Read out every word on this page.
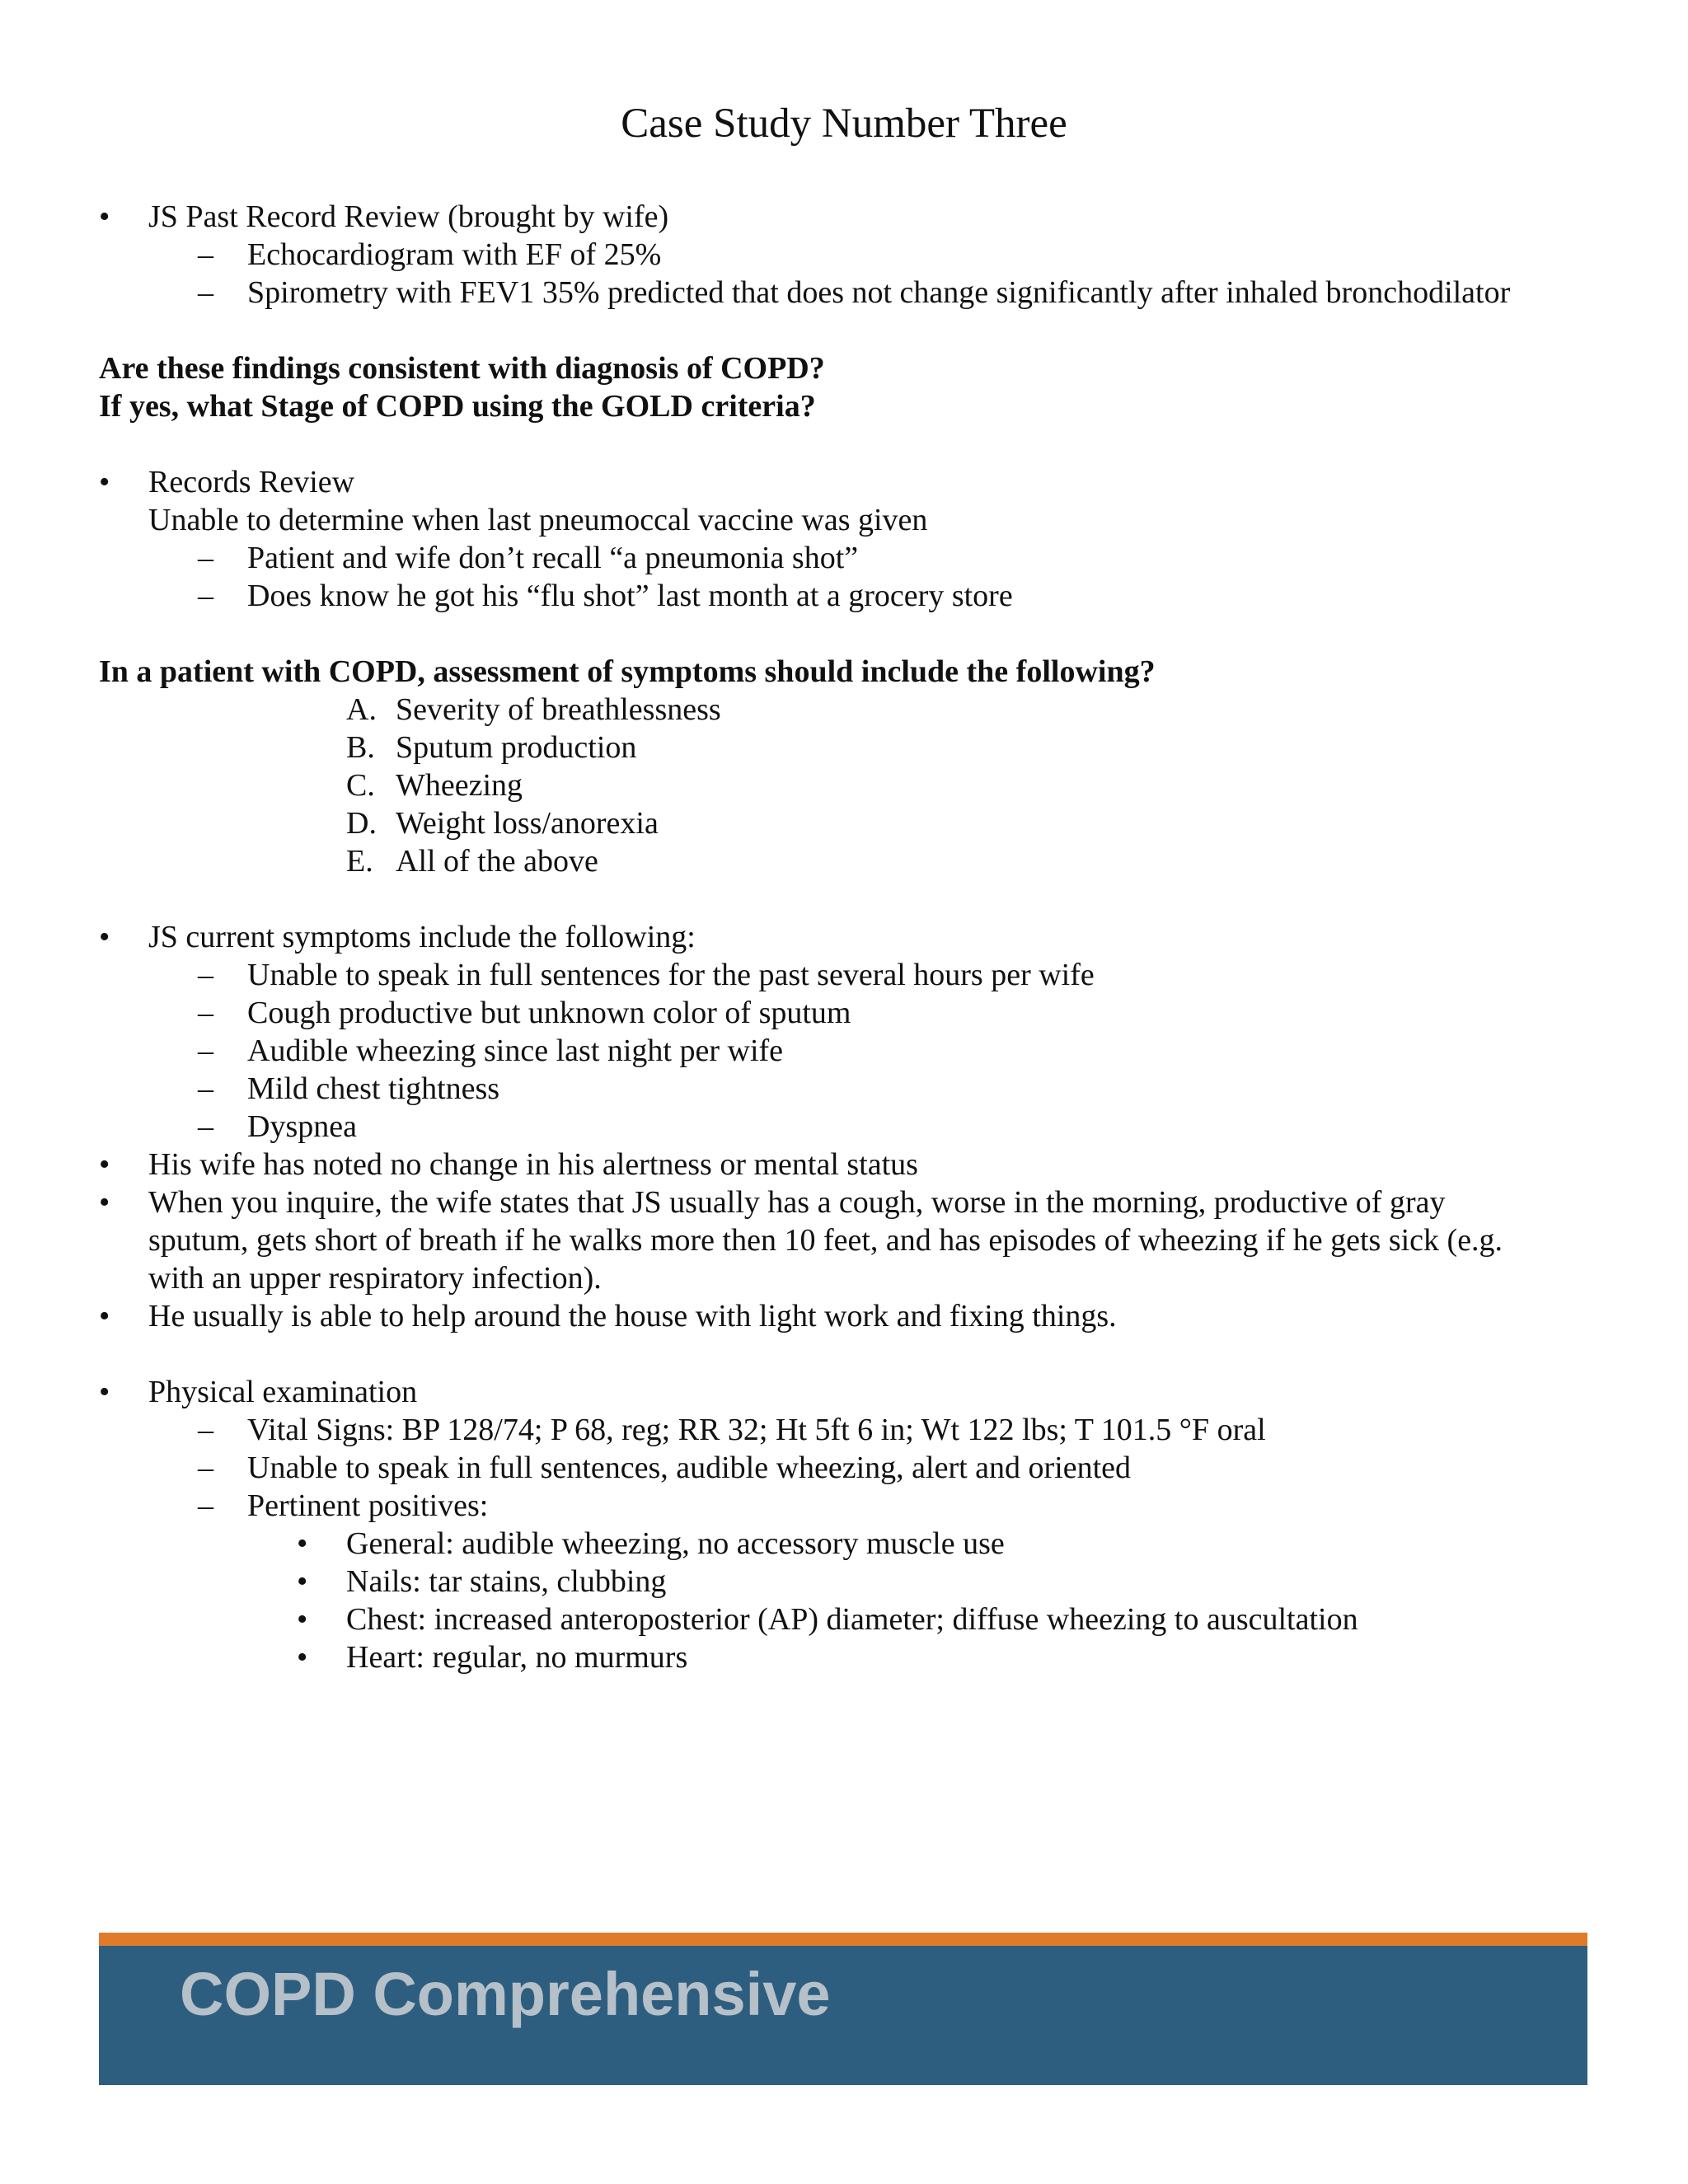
Case Study Number Three
• JS Past Record Review (brought by wife)
– Echocardiogram with EF of 25%
– Spirometry with FEV1 35% predicted that does not change significantly after inhaled bronchodilator
Are these findings consistent with diagnosis of COPD?
If yes, what Stage of COPD using the GOLD criteria?
• Records Review
Unable to determine when last pneumoccal vaccine was given
– Patient and wife don’t recall “a pneumonia shot”
– Does know he got his “flu shot” last month at a grocery store
In a patient with COPD, assessment of symptoms should include the following?
A. Severity of breathlessness
B. Sputum production
C. Wheezing
D. Weight loss/anorexia
E. All of the above
• JS current symptoms include the following:
– Unable to speak in full sentences for the past several hours per wife
– Cough productive but unknown color of sputum
– Audible wheezing since last night per wife
– Mild chest tightness
– Dyspnea
• His wife has noted no change in his alertness or mental status
• When you inquire, the wife states that JS usually has a cough, worse in the morning, productive of gray
sputum, gets short of breath if he walks more then 10 feet, and has episodes of wheezing if he gets sick (e.g.
with an upper respiratory infection).
• He usually is able to help around the house with light work and fixing things.
• Physical examination
– Vital Signs: BP 128/74; P 68, reg; RR 32; Ht 5ft 6 in; Wt 122 lbs; T 101.5 °F oral
– Unable to speak in full sentences, audible wheezing, alert and oriented
– Pertinent positives:
• General: audible wheezing, no accessory muscle use
• Nails: tar stains, clubbing
• Chest: increased anteroposterior (AP) diameter; diffuse wheezing to auscultation
• Heart: regular, no murmurs
COPD Comprehensive
